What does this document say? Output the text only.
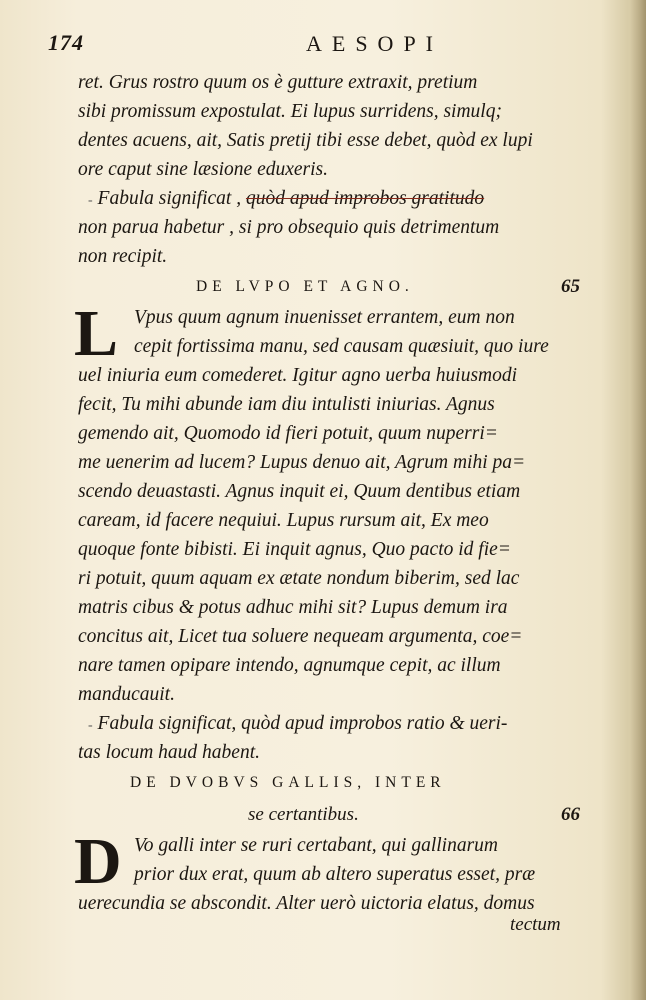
174	AESOPI
ret. Grus rostro quum os è gutture extraxit, pretium
sibi promissum expostulat. Ei lupus surridens, simulq;
dentes acuens, ait, Satis pretij tibi esse debet, quòd ex lupi
ore caput sine læsione eduxeris.
- Fabula significat , quòd apud improbos gratitudo
non parua habetur , si pro obsequio quis detrimentum
non recipit.
DE LVPO ET AGNO.	65
L Vpus quum agnum inuenisset errantem, eum non
cepit fortissima manu, sed causam quæsiuit, quo iure
uel iniuria eum comederet. Igitur agno uerba huiusmodi
fecit, Tu mihi abunde iam diu intulisti iniurias. Agnus
gemendo ait, Quomodo id fieri potuit, quum nuperri=
me uenerim ad lucem? Lupus denuo ait, Agrum mihi pa=
scendo deuastasti. Agnus inquit ei, Quum dentibus etiam
caream, id facere nequiui. Lupus rursum ait, Ex meo
quoque fonte bibisti. Ei inquit agnus, Quo pacto id fie=
ri potuit, quum aquam ex ætate nondum biberim, sed lac
matris cibus & potus adhuc mihi sit? Lupus demum ira
concitus ait, Licet tua soluere nequeam argumenta, coe=
nare tamen opipare intendo, agnumque cepit, ac illum
manducauit.
- Fabula significat, quòd apud improbos ratio & ueri-
tas locum haud habent.
DE DVOBVS GALLIS, INTER
se certantibus.	66
D Vo galli inter se ruri certabant, qui gallinarum
prior dux erat, quum ab altero superatus esset, præ
uerecundia se abscondit. Alter uerò uictoria elatus, domus
tectum
